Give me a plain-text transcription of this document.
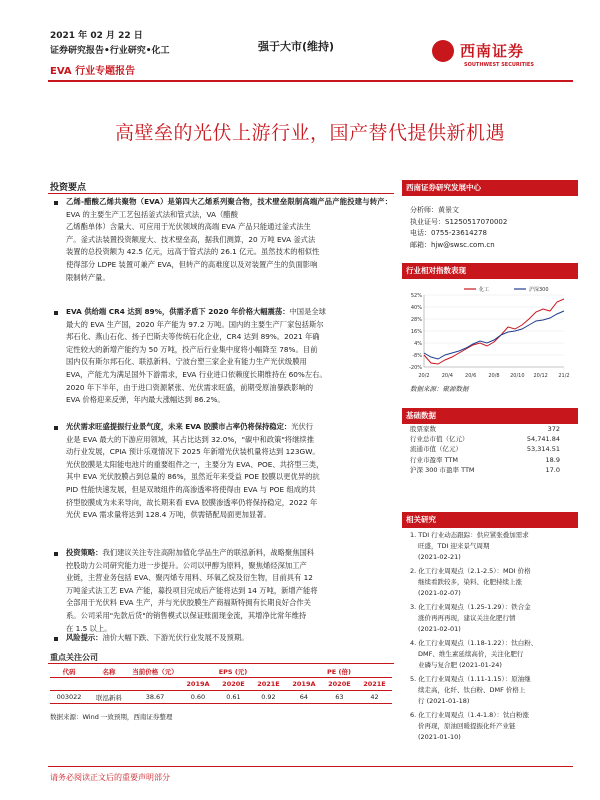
2021 年 02 月 22 日
证券研究报告•行业研究•化工
EVA 行业专题报告
强于大市(维持)	西南证券
SOUTHWEST SECURITIES
高壁垒的光伏上游行业，国产替代提供新机遇
投资要点
乙烯-醋酸乙烯共聚物（EVA）是第四大乙烯系列聚合物，技术壁垒限制高端产品产能投建与转产：EVA 的主要生产工艺包括釜式法和管式法，VA（醋酸
乙烯酯单体）含量大、可应用于光伏领域的高端 EVA 产品只能通过釜式法生
产。釜式法装置投资额度大、技术壁垒高，据我们测算，20 万吨 EVA 釜式法
装置的总投资额为 42.5 亿元，远高于管式法的 26.1 亿元。虽然技术的相似性
使得部分 LDPE 装置可兼产 EVA，但转产的高难度以及对装置产生的负面影响
限制转产量。
EVA 供给端 CR4 达到 89%，供需矛盾下 2020 年价格大幅震荡：中国是全球
最大的 EVA 生产国，2020 年产能为 97.2 万吨。国内的主要生产厂家包括斯尔
邦石化、燕山石化、扬子巴斯夫等传统石化企业，CR4 达到 89%。2021 年确
定性较大的新增产能约为 50 万吨，投产后行业集中度将小幅降至 78%。目前
国内仅有斯尔邦石化、联泓新料、宁波台塑三家企业有能力生产光伏级膜用
EVA，产能尤为满足国外下游需求，EVA 行业进口依赖度长期维持在 60%左右。
2020 年下半年，由于进口资源紧张、光伏需求旺盛，前期受原油暴跌影响的
EVA 价格迎来反弹，年内最大涨幅达到 86.2%。
光伏需求旺盛提振行业景气度，未来 EVA 胶膜市占率仍将保持稳定：光伏行
业是 EVA 最大的下游应用领域，其占比达到 32.0%，"碳中和政策"将继续推
动行业发展，CPIA 预计乐观情况下 2025 年新增光伏装机量将达到 123GW。
光伏胶膜是太阳能电池片的重要组件之一，主要分为 EVA、POE、共挤型三类，
其中 EVA 光伏胶膜占到总量的 86%，虽然近年来受益 POE 胶膜以更优异的抗
PID 性能快速发展，但是双玻组件的高渗透率将使得由 EVA 与 POE 组成的共
挤型胶膜成为未来导向，故长期来看 EVA 胶膜渗透率仍将保持稳定，2022 年
光伏 EVA 需求量将达到 128.4 万吨，供需错配局面更加显著。
投资策略：我们建议关注专注高附加值化学品生产的联泓新料，战略聚焦国科
控股助力公司研究能力进一步提升。公司以甲醇为原料，聚焦烯烃深加工产
业链，主营业务包括 EVA、聚丙烯专用料、环氧乙烷及衍生物，目前具有 12
万吨釜式法工艺 EVA 产能，募投项目完成后产能将达到 14 万吨，新增产能将
全部用于光伏料 EVA 生产，并与光伏胶膜生产商福斯特拥有长期良好合作关
系。公司采用"先款后货"的销售模式以保证账面现金流，其增净比常年维持
在 1.5 以上。
风险提示：油价大幅下跌、下游光伏行业发展不及预期。
重点关注公司
代码	名称	当前价格（元）	EPS (元)			PE (倍)		
			2019A	2020E	2021E	2019A	2020E	2021E
003022	联泓新料	38.67	0.60	0.61	0.92	64	63	42
数据来源：Wind 一致预期，西南证券整理
西南证券研究发展中心
分析师：黄景文
执业证号：S1250517070002
电话：0755-23614278
邮箱：hjw@swsc.com.cn
行业相对指数表现
-20%
-8%
4%
16%
28%
40%
52%
20/2 20/4 20/6 20/8 20/10 20/12 21/2
化工	沪深300
数据来源：聚源数据
基础数据
股票家数	372
行业总市值（亿元）	54,741.84
流通市值（亿元）	53,314.51
行业市盈率 TTM	18.9
沪深 300 市盈率 TTM	17.0
相关研究
1. TDI 行业动态跟踪：供应紧张叠加需求
旺盛，TDI 迎来景气周期
(2021-02-21)
2. 化工行业周观点（2.1-2.5）：MDI 价格
继续看跌较多，染料、化肥持续上涨
(2021-02-07)
3. 化工行业周观点（1.25-1.29）：铁合金
涨价再再再现，建议关注化肥行情
(2021-02-01)
4. 化工行业周观点（1.18-1.22）：钛白粉、
DMF、维生素延续高价，关注化肥行
业磷与复合肥 (2021-01-24)
5. 化工行业周观点（1.11-1.15）：原油继
续走高，化纤、钛白粉、DMF 价格上
行 (2021-01-18)
6. 化工行业周观点（1.4-1.8）：钛白粉涨
价再现，原油回暖提振化纤产业链
(2021-01-10)
请务必阅读正文后的重要声明部分
